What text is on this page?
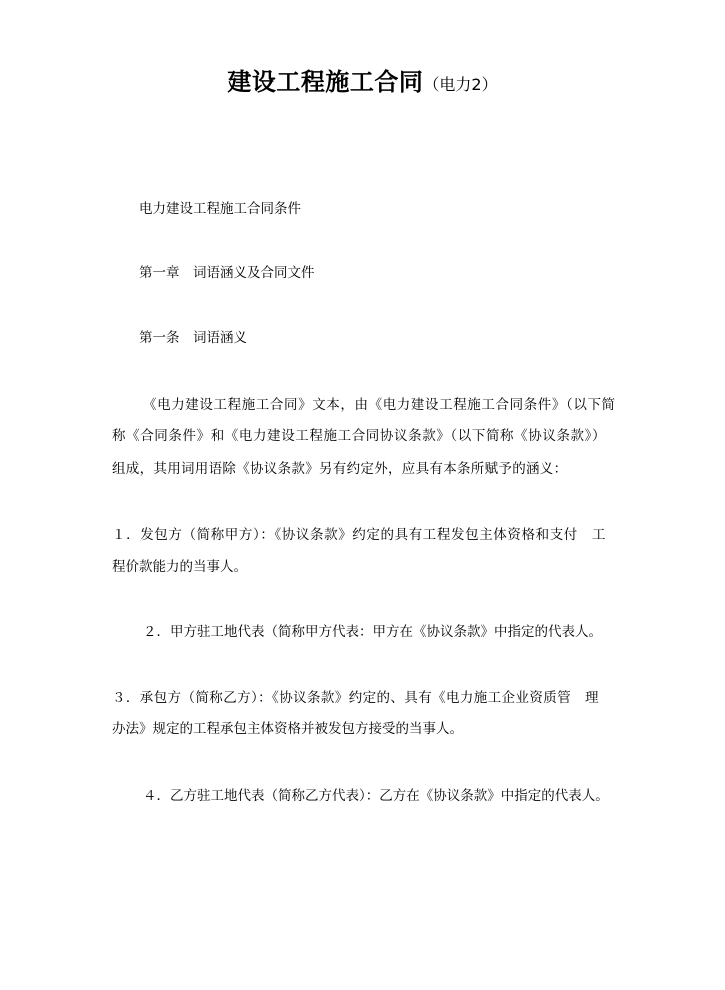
建设工程施工合同（电力2）
电力建设工程施工合同条件
第一章　词语涵义及合同文件
第一条　词语涵义
《电力建设工程施工合同》文本，由《电力建设工程施工合同条件》（以下简
称《合同条件》和《电力建设工程施工合同协议条款》（以下简称《协议条款》）
组成，其用词用语除《协议条款》另有约定外，应具有本条所赋予的涵义：
１．发包方（简称甲方）：《协议条款》约定的具有工程发包主体资格和支付　工
程价款能力的当事人。
２．甲方驻工地代表（简称甲方代表：甲方在《协议条款》中指定的代表人。
３．承包方（简称乙方）：《协议条款》约定的、具有《电力施工企业资质管　理
办法》规定的工程承包主体资格并被发包方接受的当事人。
４．乙方驻工地代表（简称乙方代表）：乙方在《协议条款》中指定的代表人。
